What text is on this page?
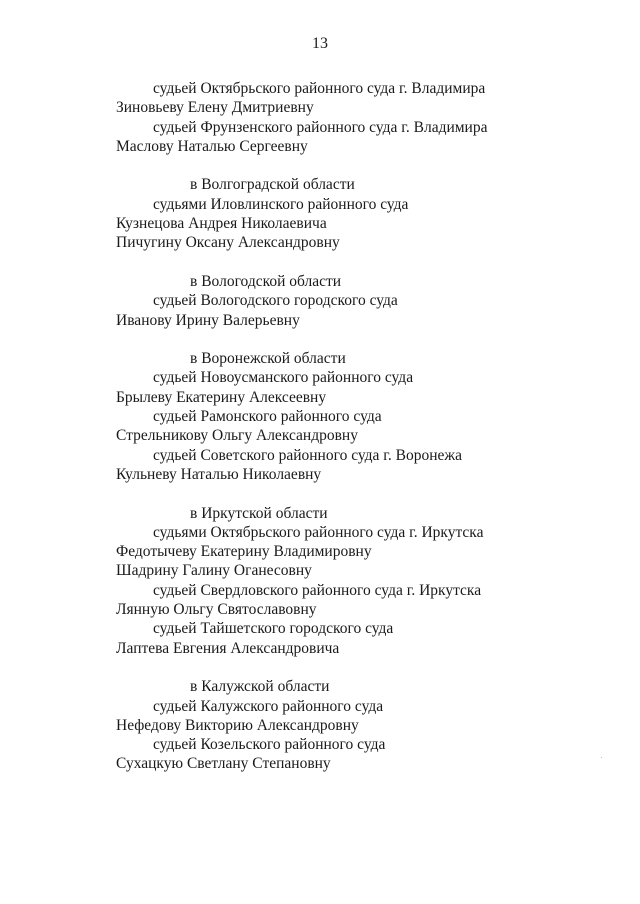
13
судьей Октябрьского районного суда г. Владимира
Зиновьеву Елену Дмитриевну
судьей Фрунзенского районного суда г. Владимира
Маслову Наталью Сергеевну
в Волгоградской области
судьями Иловлинского районного суда
Кузнецова Андрея Николаевича
Пичугину Оксану Александровну
в Вологодской области
судьей Вологодского городского суда
Иванову Ирину Валерьевну
в Воронежской области
судьей Новоусманского районного суда
Брылеву Екатерину Алексеевну
судьей Рамонского районного суда
Стрельникову Ольгу Александровну
судьей Советского районного суда г. Воронежа
Кульневу Наталью Николаевну
в Иркутской области
судьями Октябрьского районного суда г. Иркутска
Федотычеву Екатерину Владимировну
Шадрину Галину Оганесовну
судьей Свердловского районного суда г. Иркутска
Лянную Ольгу Святославовну
судьей Тайшетского городского суда
Лаптева Евгения Александровича
в Калужской области
судьей Калужского районного суда
Нефедову Викторию Александровну
судьей Козельского районного суда
Сухацкую Светлану Степановну
